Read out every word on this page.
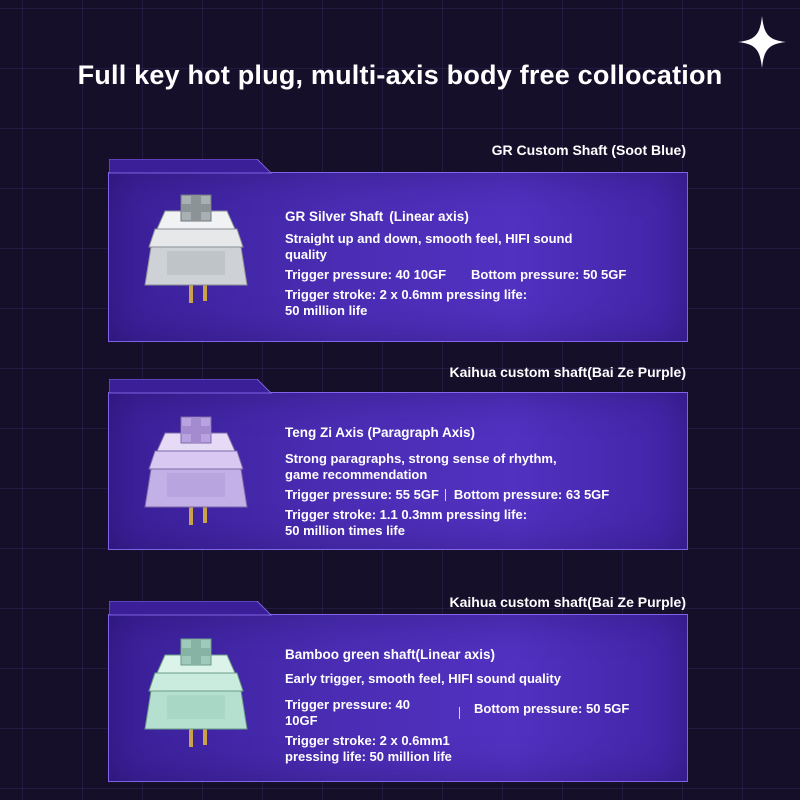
Full key hot plug, multi-axis body free collocation
GR Custom Shaft (Soot Blue)
GR Silver Shaft (Linear axis)
Straight up and down, smooth feel, HIFI sound quality
Trigger pressure: 40 10GF	Bottom pressure: 50 5GF
Trigger stroke: 2 x 0.6mm pressing life: 50 million life
Kaihua custom shaft(Bai Ze Purple)
Teng Zi Axis (Paragraph Axis)
Strong paragraphs, strong sense of rhythm, game recommendation
Trigger pressure: 55 5GF Bottom pressure: 63 5GF
Trigger stroke: 1.1 0.3mm pressing life: 50 million times life
Kaihua custom shaft(Bai Ze Purple)
Bamboo green shaft(Linear axis)
Early trigger, smooth feel, HIFI sound quality
Trigger pressure: 40 10GF
Bottom pressure: 50 5GF
Trigger stroke: 2 x 0.6mm1 pressing life: 50 million life
